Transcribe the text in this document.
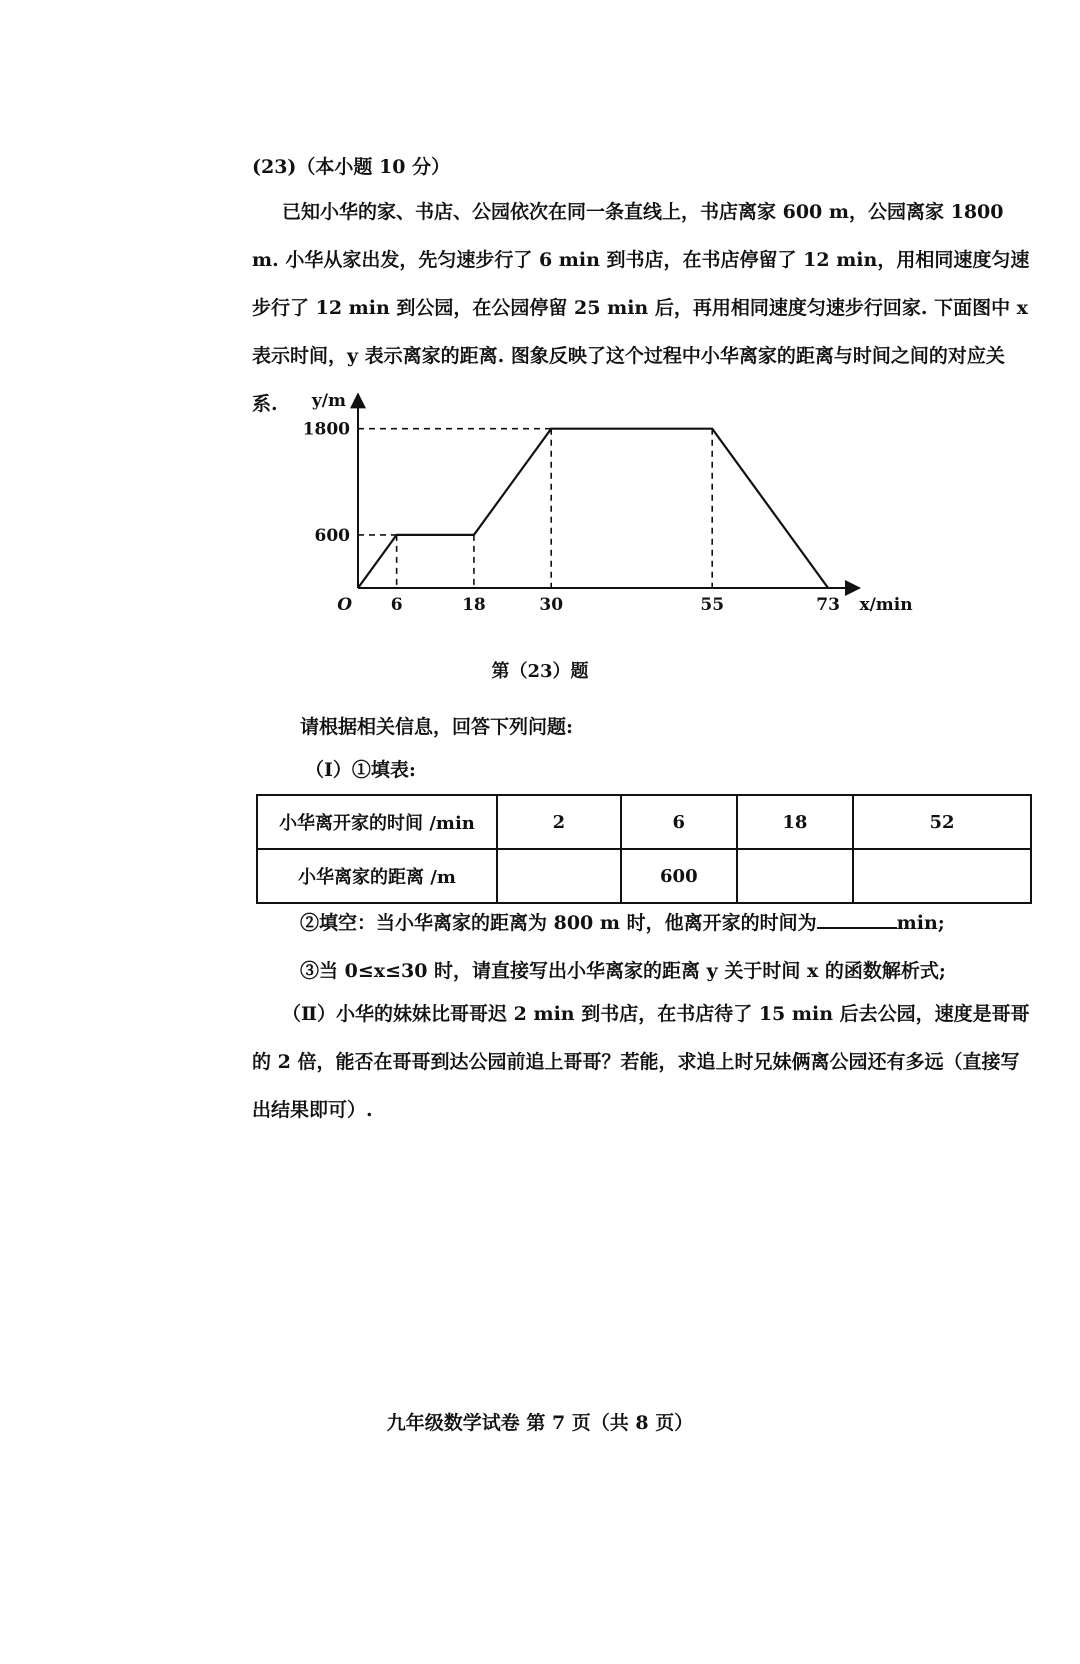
(23)（本小题 10 分）

已知小华的家、书店、公园依次在同一条直线上，书店离家 600 m，公园离家 1800 m. 小华从家出发，先匀速步行了 6 min 到书店，在书店停留了 12 min，用相同速度匀速步行了 12 min 到公园，在公园停留 25 min 后，再用相同速度匀速步行回家. 下面图中 x 表示时间，y 表示离家的距离. 图象反映了这个过程中小华离家的距离与时间之间的对应关系.

6	18	30	55	73
600
1800
O	x/min
y/m
第（23）题
请根据相关信息，回答下列问题:
（Ⅰ）①填表:
小华离开家的时间 /min	2	6	18	52
小华离家的距离 /m		600		
②填空：当小华离家的距离为 800 m 时，他离开家的时间为	min;
③当 0≤x≤30 时，请直接写出小华离家的距离 y 关于时间 x 的函数解析式;

（Ⅱ）小华的妹妹比哥哥迟 2 min 到书店，在书店待了 15 min 后去公园，速度是哥哥的 2 倍，能否在哥哥到达公园前追上哥哥？若能，求追上时兄妹俩离公园还有多远（直接写出结果即可）.

九年级数学试卷 第 7 页（共 8 页）
